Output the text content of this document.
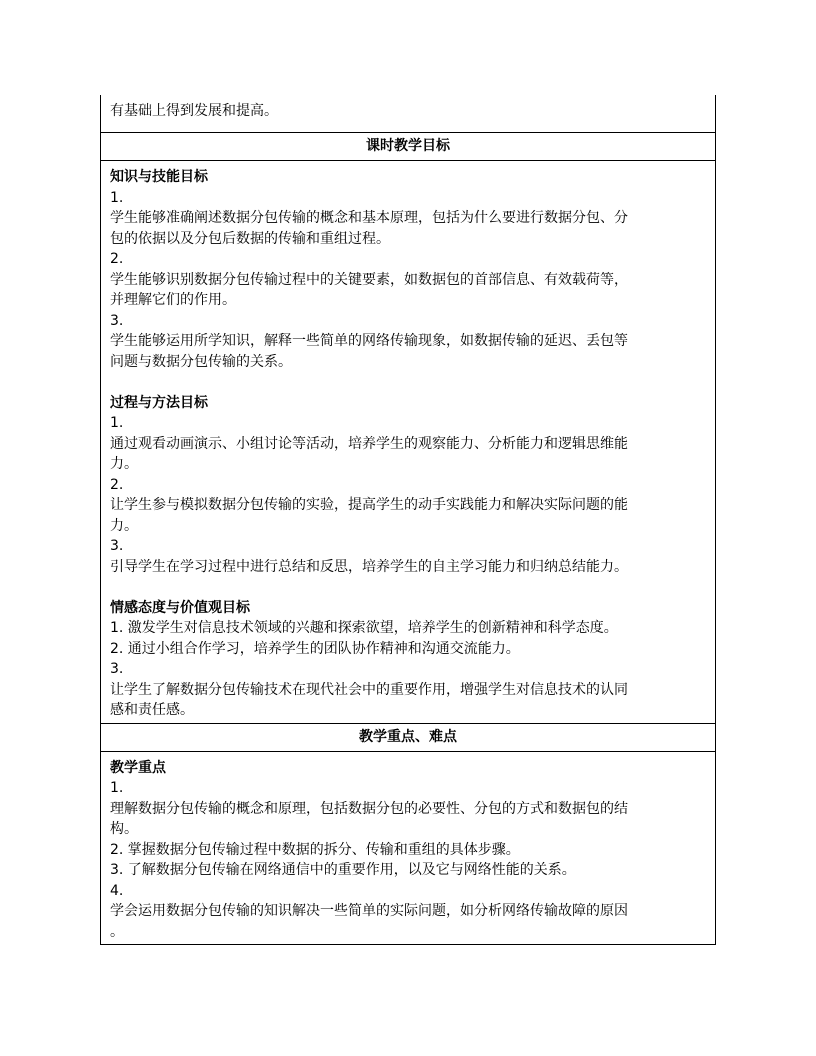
有基础上得到发展和提高。
课时教学目标
知识与技能目标
1.
学生能够准确阐述数据分包传输的概念和基本原理，包括为什么要进行数据分包、分
包的依据以及分包后数据的传输和重组过程。
2.
学生能够识别数据分包传输过程中的关键要素，如数据包的首部信息、有效载荷等，
并理解它们的作用。
3.
学生能够运用所学知识，解释一些简单的网络传输现象，如数据传输的延迟、丢包等
问题与数据分包传输的关系。
过程与方法目标
1.
通过观看动画演示、小组讨论等活动，培养学生的观察能力、分析能力和逻辑思维能
力。
2.
让学生参与模拟数据分包传输的实验，提高学生的动手实践能力和解决实际问题的能
力。
3.
引导学生在学习过程中进行总结和反思，培养学生的自主学习能力和归纳总结能力。
情感态度与价值观目标
1. 激发学生对信息技术领域的兴趣和探索欲望，培养学生的创新精神和科学态度。
2. 通过小组合作学习，培养学生的团队协作精神和沟通交流能力。
3.
让学生了解数据分包传输技术在现代社会中的重要作用，增强学生对信息技术的认同
感和责任感。
教学重点、难点
教学重点
1.
理解数据分包传输的概念和原理，包括数据分包的必要性、分包的方式和数据包的结
构。
2. 掌握数据分包传输过程中数据的拆分、传输和重组的具体步骤。
3. 了解数据分包传输在网络通信中的重要作用，以及它与网络性能的关系。
4.
学会运用数据分包传输的知识解决一些简单的实际问题，如分析网络传输故障的原因
。
